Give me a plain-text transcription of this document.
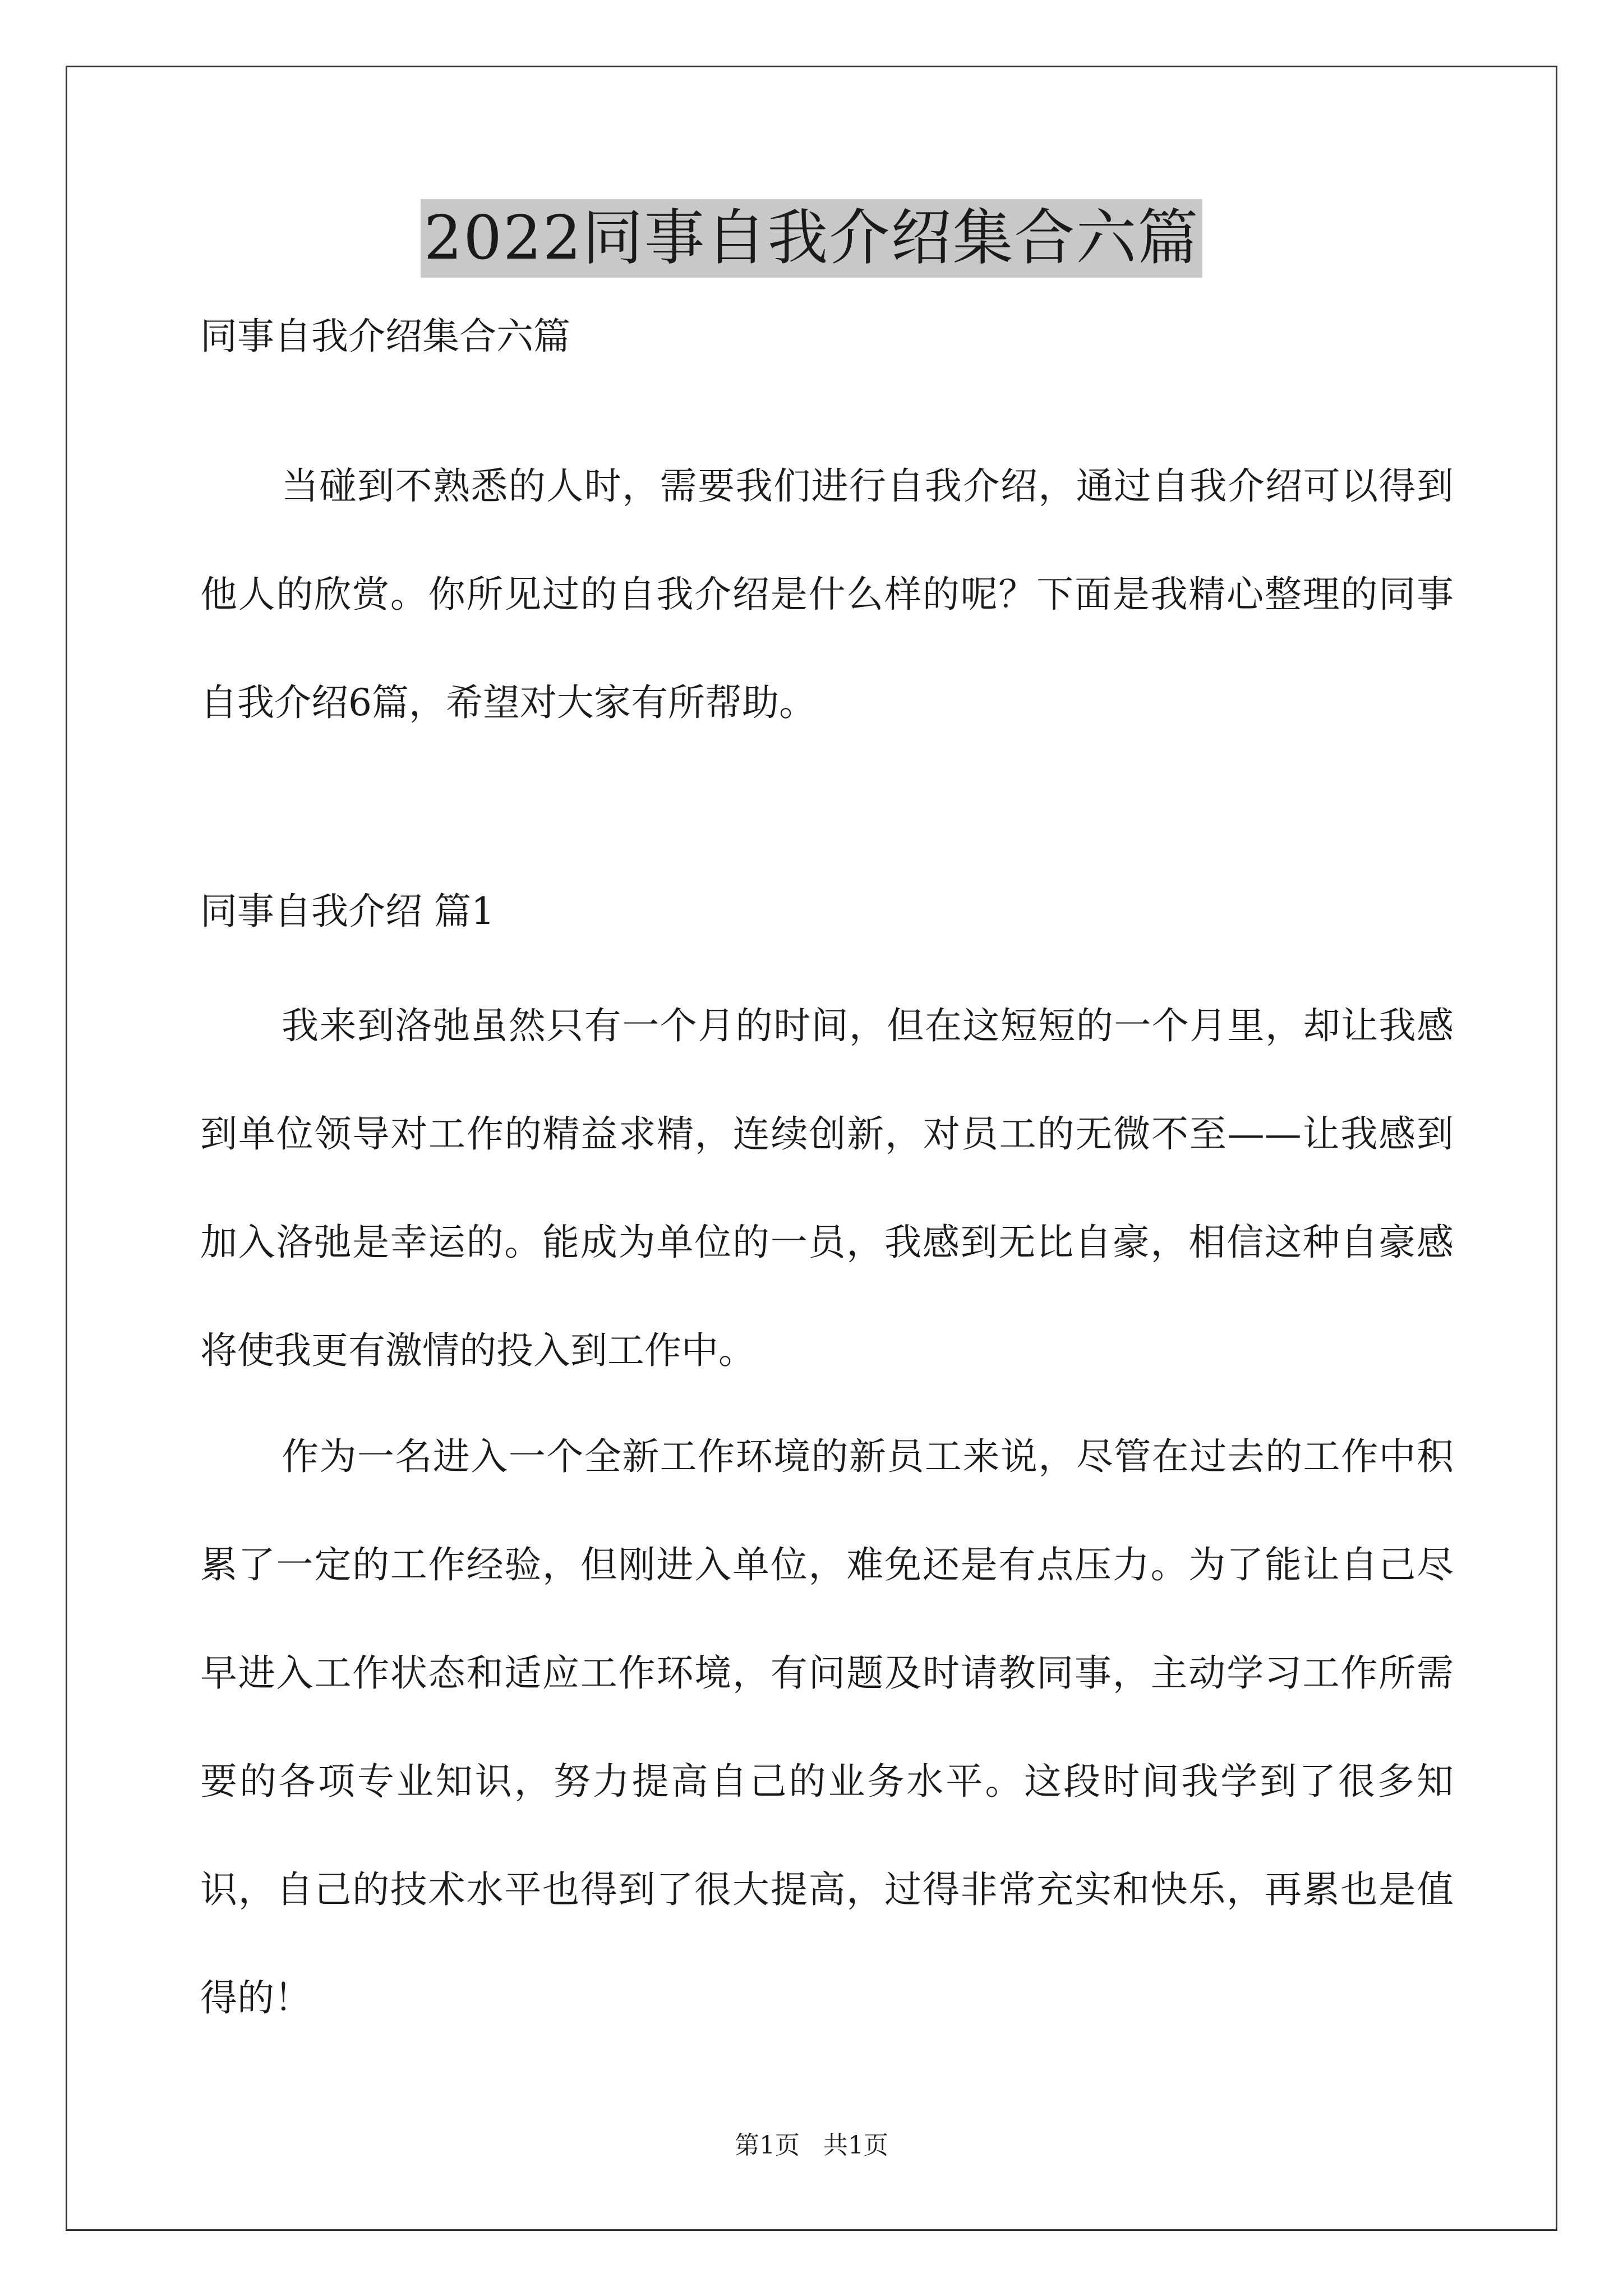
2022同事自我介绍集合六篇
同事自我介绍集合六篇

当碰到不熟悉的人时，需要我们进行自我介绍，通过自我介绍可以得到他人的欣赏。你所见过的自我介绍是什么样的呢？下面是我精心整理的同事自我介绍6篇，希望对大家有所帮助。

同事自我介绍 篇1

我来到洛弛虽然只有一个月的时间，但在这短短的一个月里，却让我感到单位领导对工作的精益求精，连续创新，对员工的无微不至——让我感到加入洛弛是幸运的。能成为单位的一员，我感到无比自豪，相信这种自豪感将使我更有激情的投入到工作中。

作为一名进入一个全新工作环境的新员工来说，尽管在过去的工作中积累了一定的工作经验，但刚进入单位，难免还是有点压力。为了能让自己尽早进入工作状态和适应工作环境，有问题及时请教同事，主动学习工作所需要的各项专业知识，努力提高自己的业务水平。这段时间我学到了很多知识，自己的技术水平也得到了很大提高，过得非常充实和快乐，再累也是值得的！

第1页   共1页
